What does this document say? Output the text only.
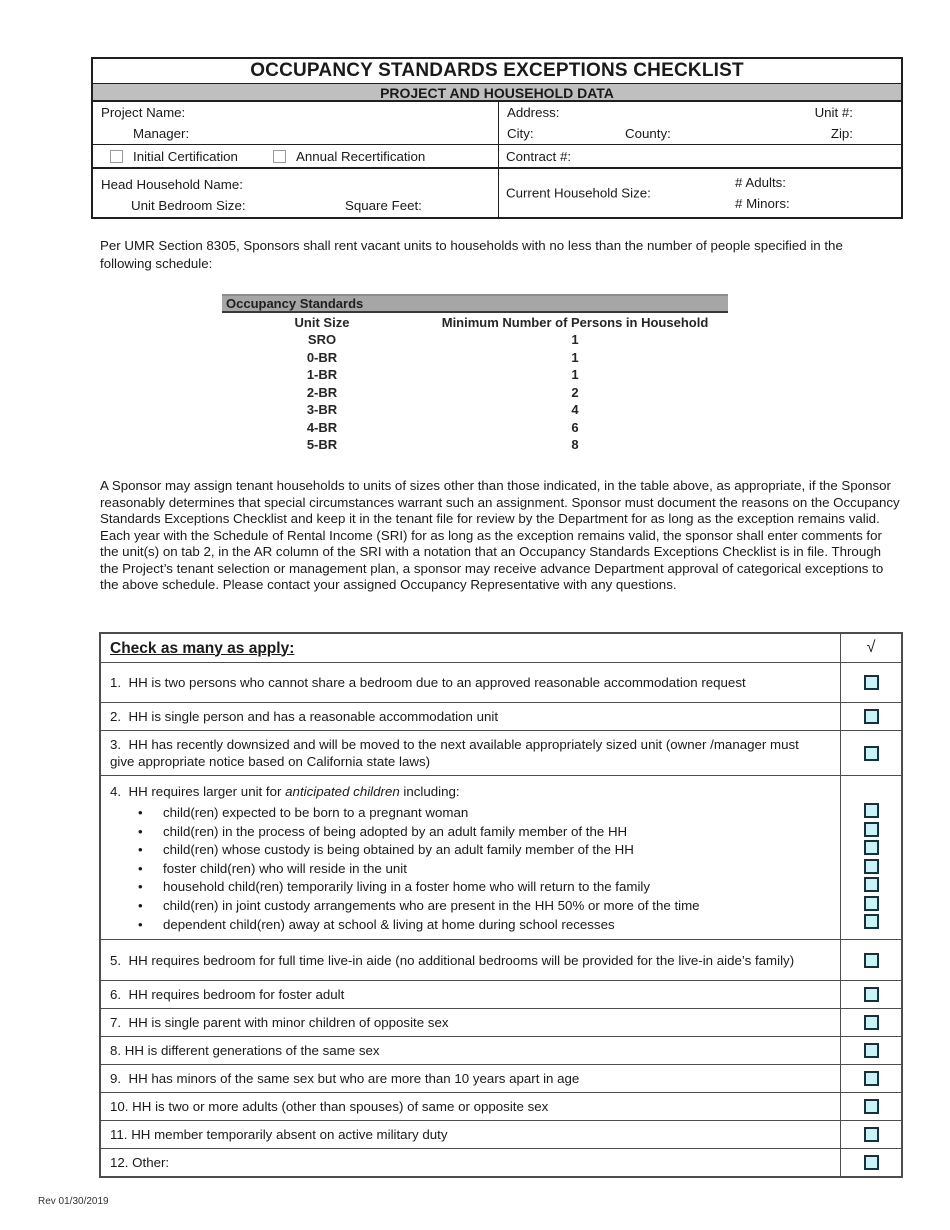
OCCUPANCY STANDARDS EXCEPTIONS CHECKLIST
PROJECT AND HOUSEHOLD DATA
Project Name:
Manager:
Address:	Unit #:
City:	County:	Zip:
Initial Certification	Annual Recertification	Contract #:
Head Household Name:
Unit Bedroom Size:	Square Feet:
Current Household Size:
# Adults:
# Minors:

Per UMR Section 8305, Sponsors shall rent vacant units to households with no less than the number of people specified in the following schedule:

Occupancy Standards
Unit Size	Minimum Number of Persons in Household
SRO	1
0-BR	1
1-BR	1
2-BR	2
3-BR	4
4-BR	6
5-BR	8

A Sponsor may assign tenant households to units of sizes other than those indicated, in the table above, as appropriate, if the Sponsor reasonably determines that special circumstances warrant such an assignment. Sponsor must document the reasons on the Occupancy Standards Exceptions Checklist and keep it in the tenant file for review by the Department for as long as the exception remains valid. Each year with the Schedule of Rental Income (SRI) for as long as the exception remains valid, the sponsor shall enter comments for the unit(s) on tab 2, in the AR column of the SRI with a notation that an Occupancy Standards Exceptions Checklist is in file. Through the Project’s tenant selection or management plan, a sponsor may receive advance Department approval of categorical exceptions to the above schedule. Please contact your assigned Occupancy Representative with any questions.

Check as many as apply:	√
1.  HH is two persons who cannot share a bedroom due to an approved reasonable accommodation request
2.  HH is single person and has a reasonable accommodation unit
3.  HH has recently downsized and will be moved to the next available appropriately sized unit (owner /manager must give appropriate notice based on California state laws)
4.  HH requires larger unit for anticipated children including:
• child(ren) expected to be born to a pregnant woman
• child(ren) in the process of being adopted by an adult family member of the HH
• child(ren) whose custody is being obtained by an adult family member of the HH
• foster child(ren) who will reside in the unit
• household child(ren) temporarily living in a foster home who will return to the family
• child(ren) in joint custody arrangements who are present in the HH 50% or more of the time
• dependent child(ren) away at school & living at home during school recesses
5.  HH requires bedroom for full time live-in aide (no additional bedrooms will be provided for the live-in aide’s family)
6.  HH requires bedroom for foster adult
7.  HH is single parent with minor children of opposite sex
8. HH is different generations of the same sex
9.  HH has minors of the same sex but who are more than 10 years apart in age
10. HH is two or more adults (other than spouses) of same or opposite sex
11. HH member temporarily absent on active military duty
12. Other:
Rev 01/30/2019
